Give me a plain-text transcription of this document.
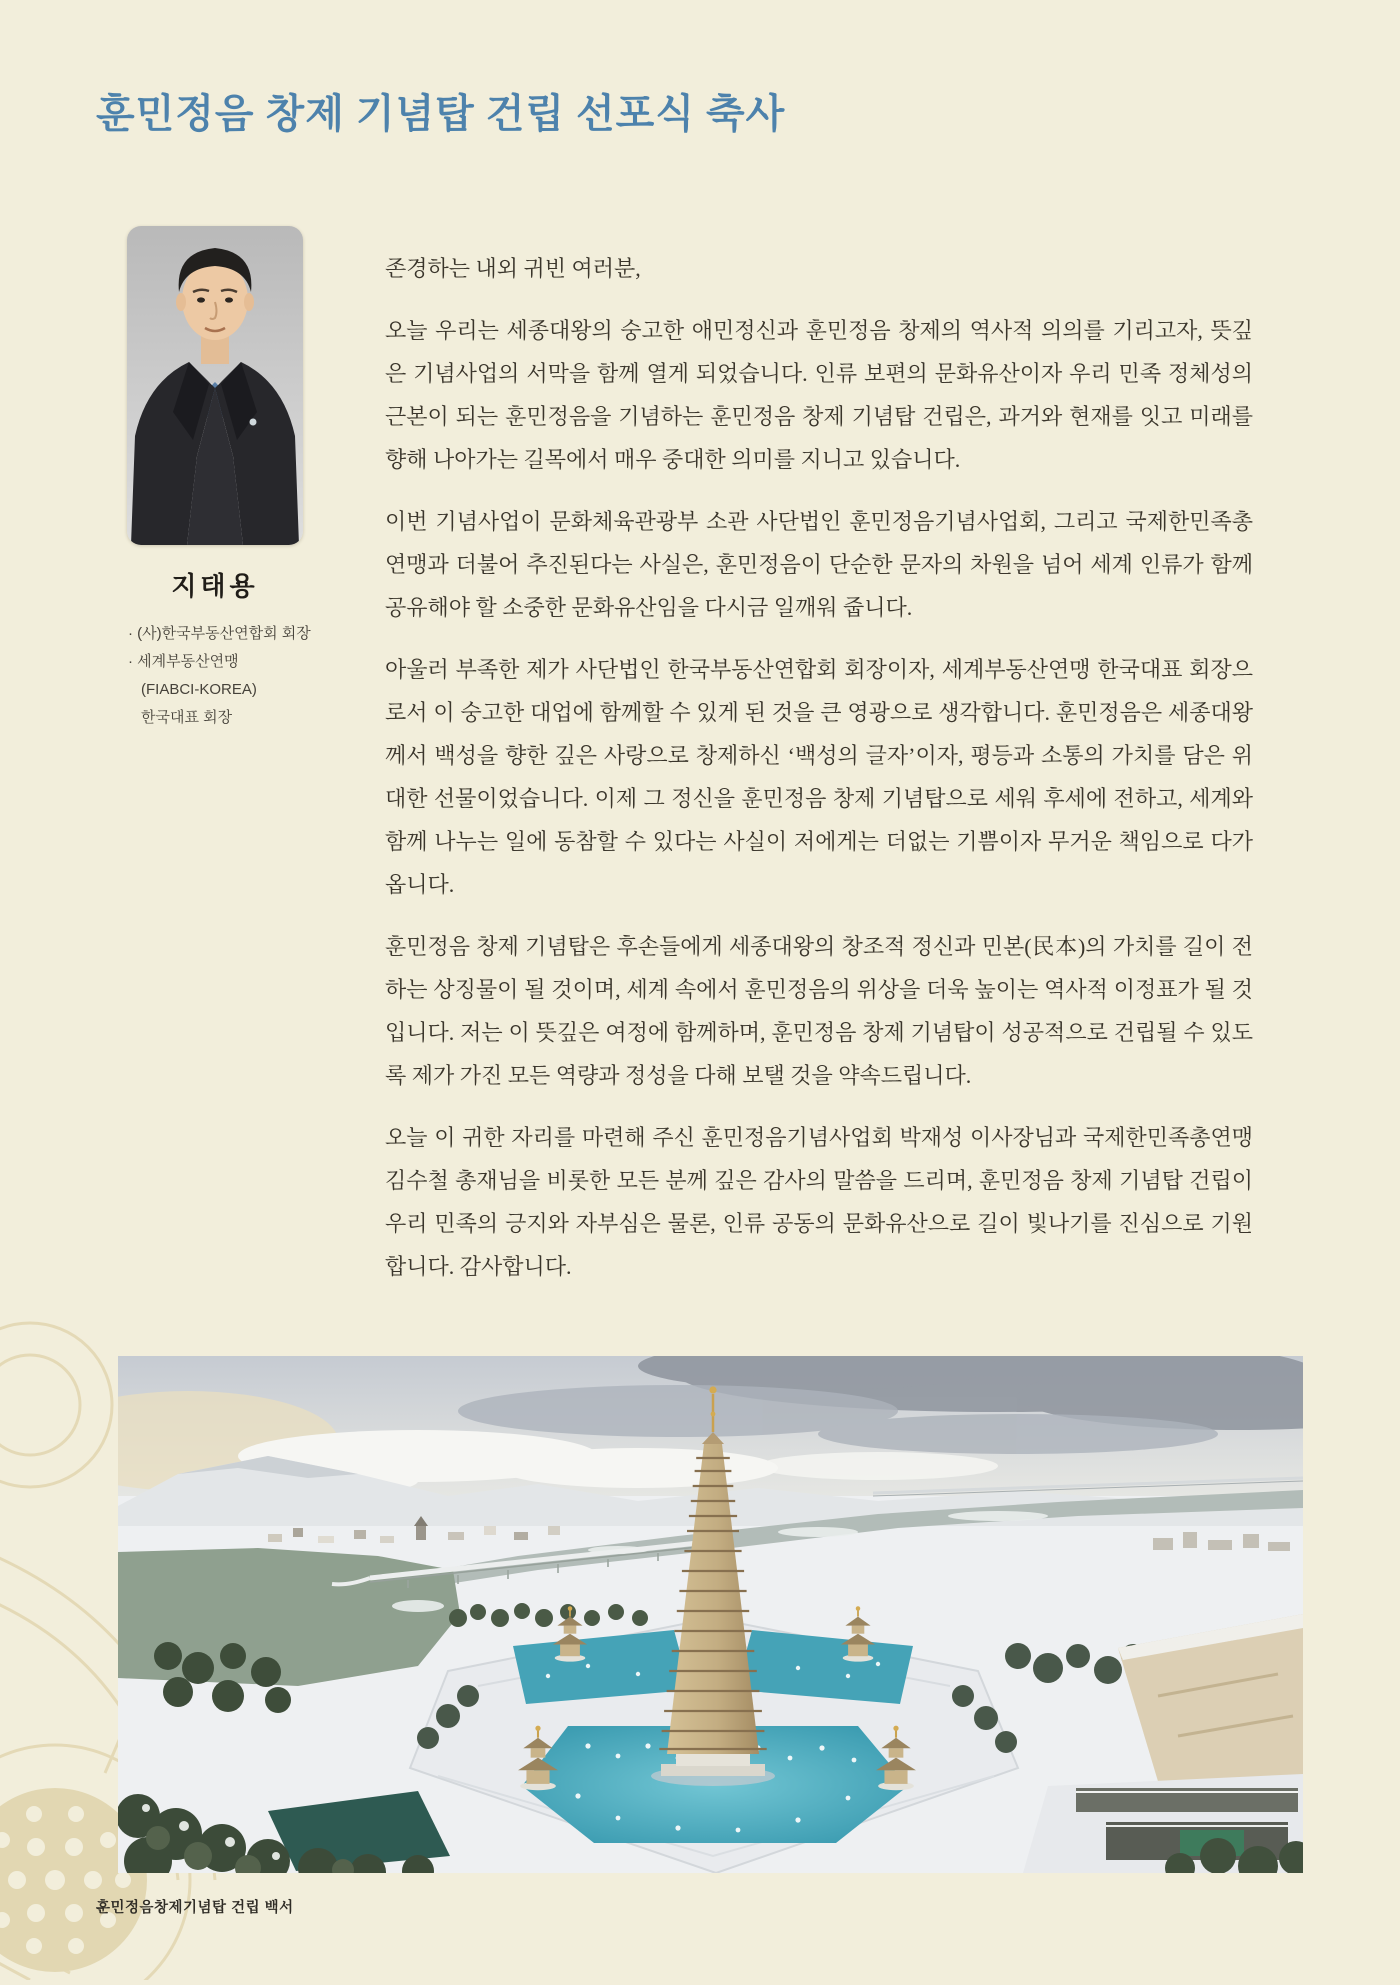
훈민정음 창제 기념탑 건립 선포식 축사
지태용
· (사)한국부동산연합회 회장
· 세계부동산연맹
(FIABCI-KOREA)
한국대표 회장

존경하는 내외 귀빈 여러분,

오늘 우리는 세종대왕의 숭고한 애민정신과 훈민정음 창제의 역사적 의의를 기리고자, 뜻깊은 기념사업의 서막을 함께 열게 되었습니다. 인류 보편의 문화유산이자 우리 민족 정체성의 근본이 되는 훈민정음을 기념하는 훈민정음 창제 기념탑 건립은, 과거와 현재를 잇고 미래를 향해 나아가는 길목에서 매우 중대한 의미를 지니고 있습니다.

이번 기념사업이 문화체육관광부 소관 사단법인 훈민정음기념사업회, 그리고 국제한민족총연맹과 더불어 추진된다는 사실은, 훈민정음이 단순한 문자의 차원을 넘어 세계 인류가 함께 공유해야 할 소중한 문화유산임을 다시금 일깨워 줍니다.

아울러 부족한 제가 사단법인 한국부동산연합회 회장이자, 세계부동산연맹 한국대표 회장으로서 이 숭고한 대업에 함께할 수 있게 된 것을 큰 영광으로 생각합니다. 훈민정음은 세종대왕께서 백성을 향한 깊은 사랑으로 창제하신 ‘백성의 글자’이자, 평등과 소통의 가치를 담은 위대한 선물이었습니다. 이제 그 정신을 훈민정음 창제 기념탑으로 세워 후세에 전하고, 세계와 함께 나누는 일에 동참할 수 있다는 사실이 저에게는 더없는 기쁨이자 무거운 책임으로 다가옵니다.

훈민정음 창제 기념탑은 후손들에게 세종대왕의 창조적 정신과 민본(民本)의 가치를 길이 전하는 상징물이 될 것이며, 세계 속에서 훈민정음의 위상을 더욱 높이는 역사적 이정표가 될 것입니다. 저는 이 뜻깊은 여정에 함께하며, 훈민정음 창제 기념탑이 성공적으로 건립될 수 있도록 제가 가진 모든 역량과 정성을 다해 보탤 것을 약속드립니다.

오늘 이 귀한 자리를 마련해 주신 훈민정음기념사업회 박재성 이사장님과 국제한민족총연맹 김수철 총재님을 비롯한 모든 분께 깊은 감사의 말씀을 드리며, 훈민정음 창제 기념탑 건립이 우리 민족의 긍지와 자부심은 물론, 인류 공동의 문화유산으로 길이 빛나기를 진심으로 기원합니다. 감사합니다.

훈민정음창제기념탑 건립 백서
